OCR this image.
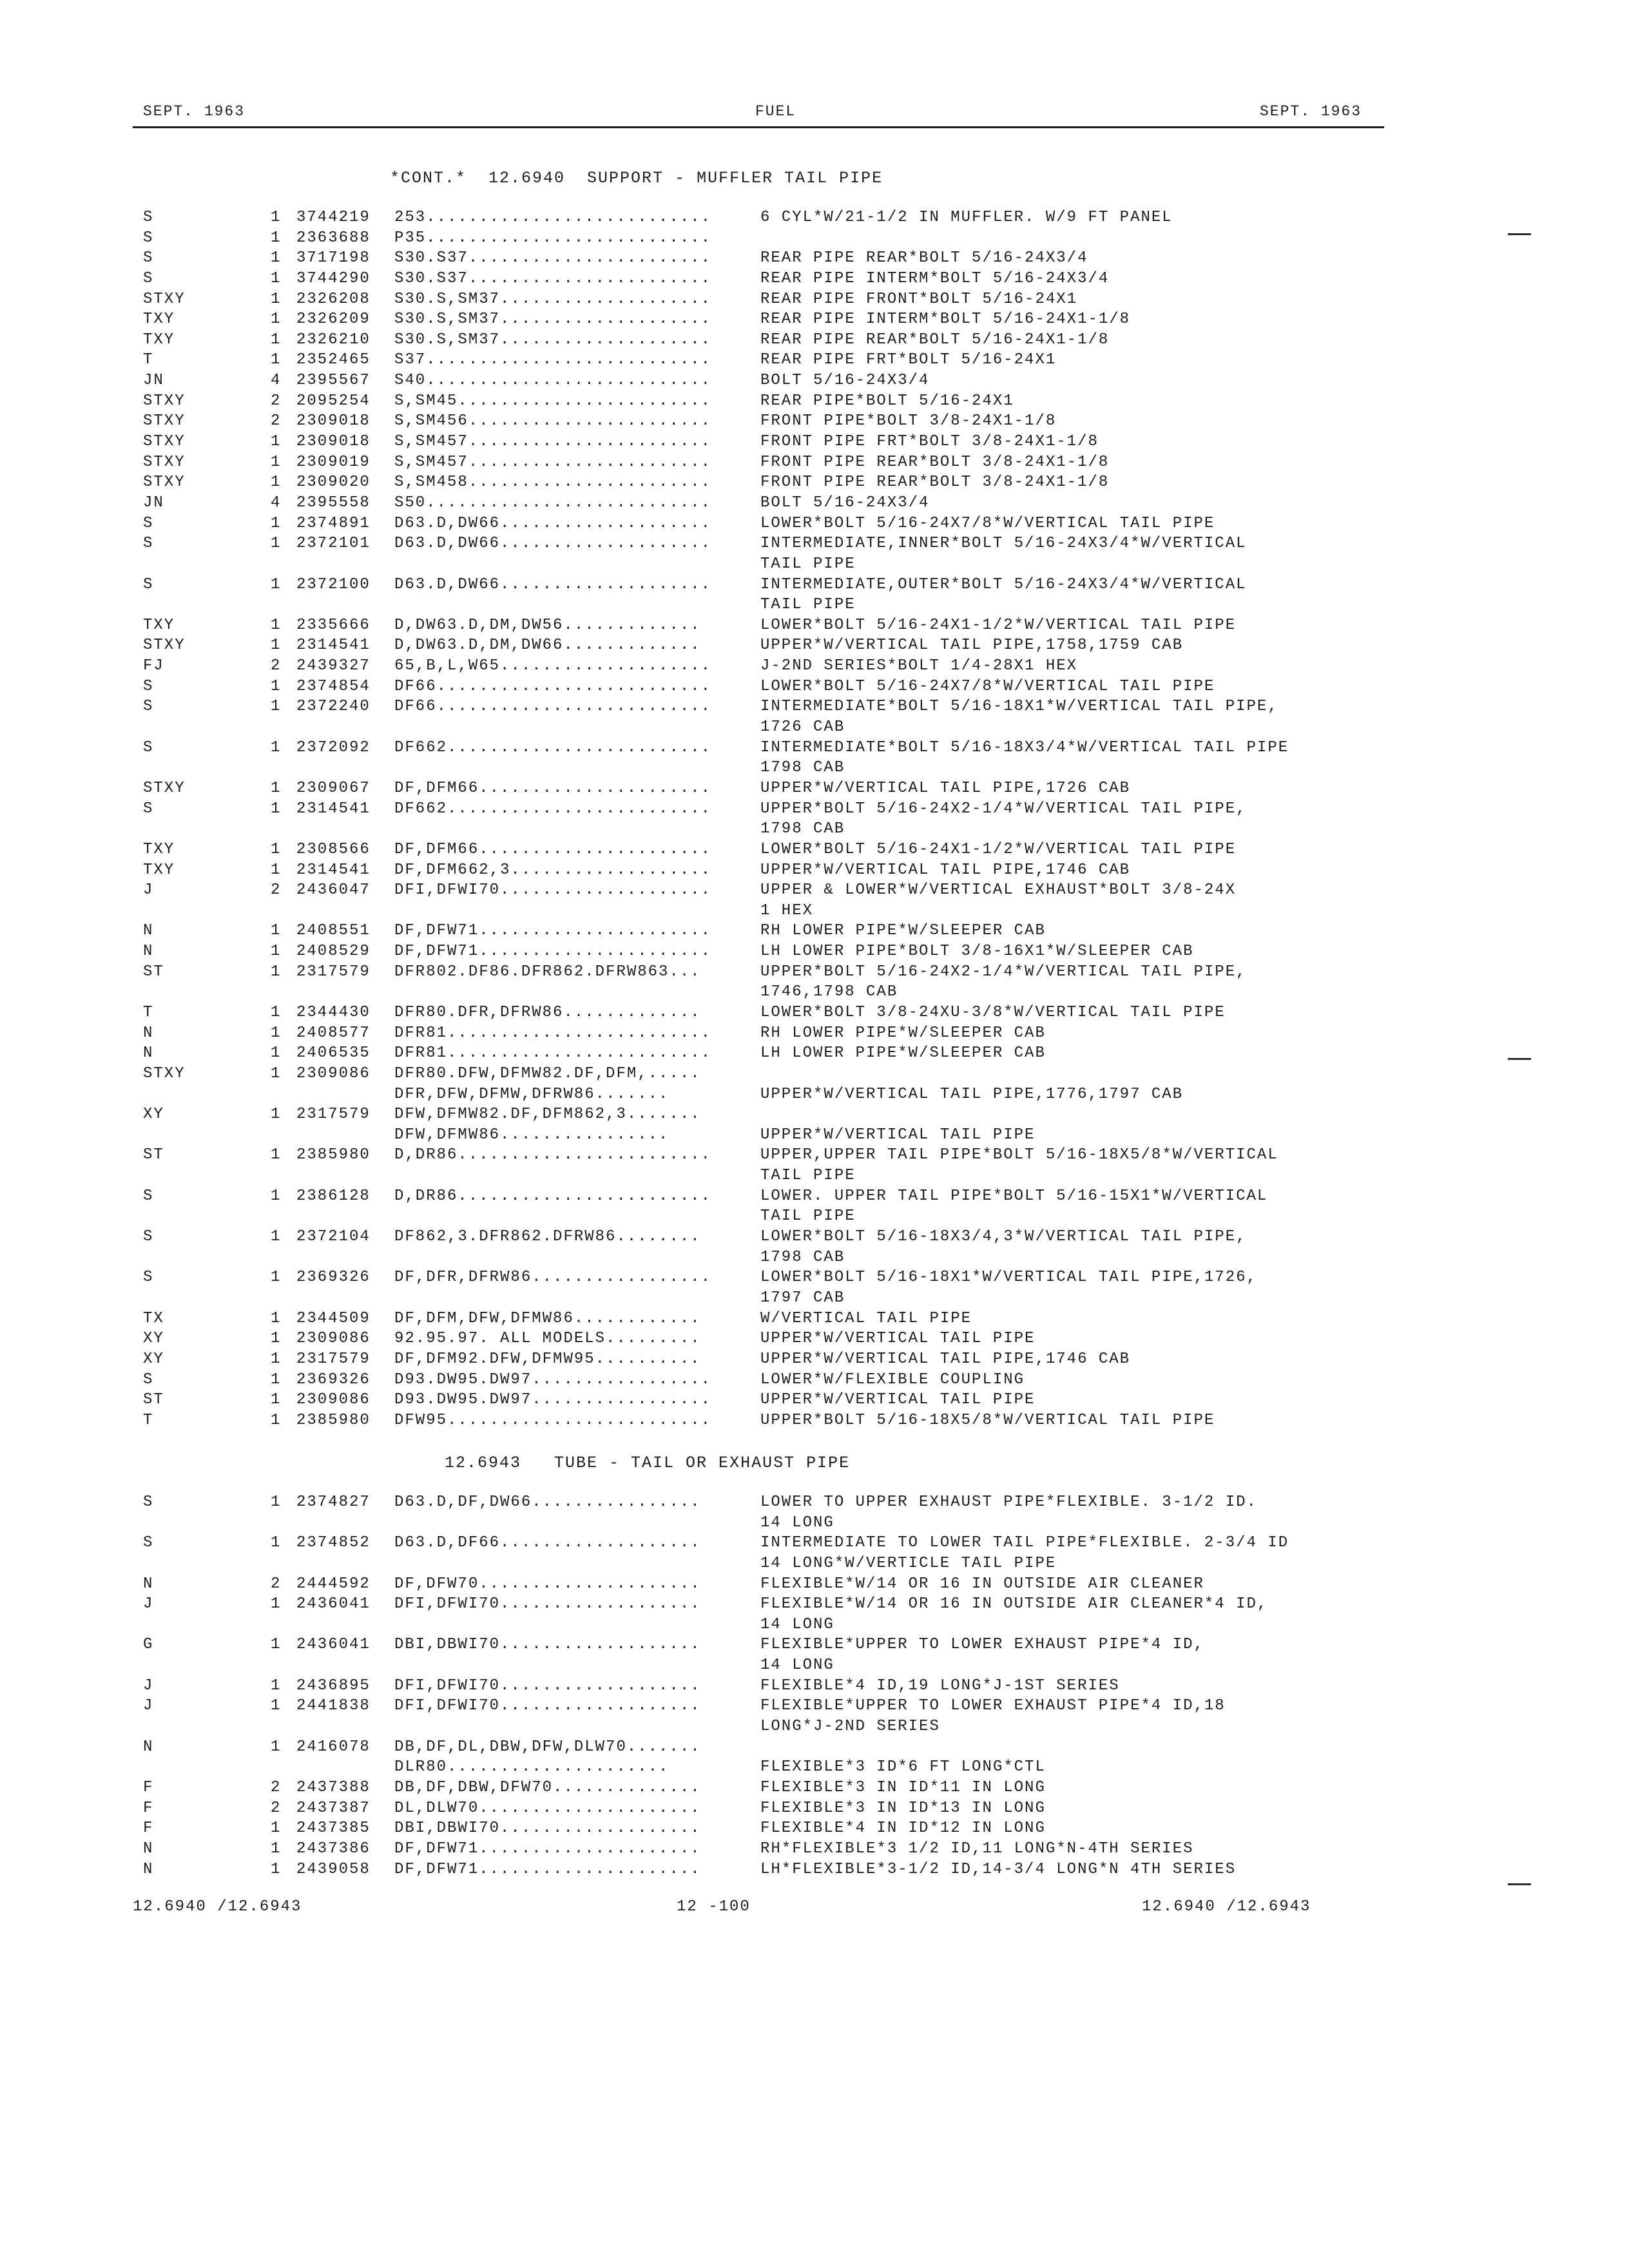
SEPT. 1963	FUEL	SEPT. 1963
*CONT.*  12.6940  SUPPORT - MUFFLER TAIL PIPE
S	1 3744219 253...........................	6 CYL*W/21-1/2 IN MUFFLER. W/9 FT PANEL
S	1 2363688 P35...........................
S	1 3717198 S30.S37.......................	REAR PIPE REAR*BOLT 5/16-24X3/4
S	1 3744290 S30.S37.......................	REAR PIPE INTERM*BOLT 5/16-24X3/4
STXY	1 2326208 S30.S,SM37....................	REAR PIPE FRONT*BOLT 5/16-24X1
TXY	1 2326209 S30.S,SM37....................	REAR PIPE INTERM*BOLT 5/16-24X1-1/8
TXY	1 2326210 S30.S,SM37....................	REAR PIPE REAR*BOLT 5/16-24X1-1/8
T	1 2352465 S37...........................	REAR PIPE FRT*BOLT 5/16-24X1
JN	4 2395567 S40...........................	BOLT 5/16-24X3/4
STXY	2 2095254 S,SM45........................	REAR PIPE*BOLT 5/16-24X1
STXY	2 2309018 S,SM456.......................	FRONT PIPE*BOLT 3/8-24X1-1/8
STXY	1 2309018 S,SM457.......................	FRONT PIPE FRT*BOLT 3/8-24X1-1/8
STXY	1 2309019 S,SM457.......................	FRONT PIPE REAR*BOLT 3/8-24X1-1/8
STXY	1 2309020 S,SM458.......................	FRONT PIPE REAR*BOLT 3/8-24X1-1/8
JN	4 2395558 S50...........................	BOLT 5/16-24X3/4
S	1 2374891 D63.D,DW66....................	LOWER*BOLT 5/16-24X7/8*W/VERTICAL TAIL PIPE
S	1 2372101 D63.D,DW66....................	INTERMEDIATE,INNER*BOLT 5/16-24X3/4*W/VERTICAL
TAIL PIPE
S	1 2372100 D63.D,DW66....................	INTERMEDIATE,OUTER*BOLT 5/16-24X3/4*W/VERTICAL
TAIL PIPE
TXY	1 2335666 D,DW63.D,DM,DW56.............	LOWER*BOLT 5/16-24X1-1/2*W/VERTICAL TAIL PIPE
STXY	1 2314541 D,DW63.D,DM,DW66.............	UPPER*W/VERTICAL TAIL PIPE,1758,1759 CAB
FJ	2 2439327 65,B,L,W65....................	J-2ND SERIES*BOLT 1/4-28X1 HEX
S	1 2374854 DF66..........................	LOWER*BOLT 5/16-24X7/8*W/VERTICAL TAIL PIPE
S	1 2372240 DF66..........................	INTERMEDIATE*BOLT 5/16-18X1*W/VERTICAL TAIL PIPE,
1726 CAB
S	1 2372092 DF662.........................	INTERMEDIATE*BOLT 5/16-18X3/4*W/VERTICAL TAIL PIPE
1798 CAB
STXY	1 2309067 DF,DFM66......................	UPPER*W/VERTICAL TAIL PIPE,1726 CAB
S	1 2314541 DF662.........................	UPPER*BOLT 5/16-24X2-1/4*W/VERTICAL TAIL PIPE,
1798 CAB
TXY	1 2308566 DF,DFM66......................	LOWER*BOLT 5/16-24X1-1/2*W/VERTICAL TAIL PIPE
TXY	1 2314541 DF,DFM662,3...................	UPPER*W/VERTICAL TAIL PIPE,1746 CAB
J	2 2436047 DFI,DFWI70....................	UPPER & LOWER*W/VERTICAL EXHAUST*BOLT 3/8-24X
1 HEX
N	1 2408551 DF,DFW71......................	RH LOWER PIPE*W/SLEEPER CAB
N	1 2408529 DF,DFW71......................	LH LOWER PIPE*BOLT 3/8-16X1*W/SLEEPER CAB
ST	1 2317579 DFR802.DF86.DFR862.DFRW863...	UPPER*BOLT 5/16-24X2-1/4*W/VERTICAL TAIL PIPE,
1746,1798 CAB
T	1 2344430 DFR80.DFR,DFRW86.............	LOWER*BOLT 3/8-24XU-3/8*W/VERTICAL TAIL PIPE
N	1 2408577 DFR81.........................	RH LOWER PIPE*W/SLEEPER CAB
N	1 2406535 DFR81.........................	LH LOWER PIPE*W/SLEEPER CAB
STXY	1 2309086 DFR80.DFW,DFMW82.DF,DFM,.....
DFR,DFW,DFMW,DFRW86.......	UPPER*W/VERTICAL TAIL PIPE,1776,1797 CAB
XY	1 2317579 DFW,DFMW82.DF,DFM862,3.......
DFW,DFMW86................	UPPER*W/VERTICAL TAIL PIPE
ST	1 2385980 D,DR86........................	UPPER,UPPER TAIL PIPE*BOLT 5/16-18X5/8*W/VERTICAL
TAIL PIPE
S	1 2386128 D,DR86........................	LOWER. UPPER TAIL PIPE*BOLT 5/16-15X1*W/VERTICAL
TAIL PIPE
S	1 2372104 DF862,3.DFR862.DFRW86........	LOWER*BOLT 5/16-18X3/4,3*W/VERTICAL TAIL PIPE,
1798 CAB
S	1 2369326 DF,DFR,DFRW86.................	LOWER*BOLT 5/16-18X1*W/VERTICAL TAIL PIPE,1726,
1797 CAB
TX	1 2344509 DF,DFM,DFW,DFMW86............	W/VERTICAL TAIL PIPE
XY	1 2309086 92.95.97. ALL MODELS.........	UPPER*W/VERTICAL TAIL PIPE
XY	1 2317579 DF,DFM92.DFW,DFMW95..........	UPPER*W/VERTICAL TAIL PIPE,1746 CAB
S	1 2369326 D93.DW95.DW97.................	LOWER*W/FLEXIBLE COUPLING
ST	1 2309086 D93.DW95.DW97.................	UPPER*W/VERTICAL TAIL PIPE
T	1 2385980 DFW95.........................	UPPER*BOLT 5/16-18X5/8*W/VERTICAL TAIL PIPE
12.6943   TUBE - TAIL OR EXHAUST PIPE
S	1 2374827 D63.D,DF,DW66................	LOWER TO UPPER EXHAUST PIPE*FLEXIBLE. 3-1/2 ID.
14 LONG
S	1 2374852 D63.D,DF66...................	INTERMEDIATE TO LOWER TAIL PIPE*FLEXIBLE. 2-3/4 ID
14 LONG*W/VERTICLE TAIL PIPE
N	2 2444592 DF,DFW70.....................	FLEXIBLE*W/14 OR 16 IN OUTSIDE AIR CLEANER
J	1 2436041 DFI,DFWI70...................	FLEXIBLE*W/14 OR 16 IN OUTSIDE AIR CLEANER*4 ID,
14 LONG
G	1 2436041 DBI,DBWI70...................	FLEXIBLE*UPPER TO LOWER EXHAUST PIPE*4 ID,
14 LONG
J	1 2436895 DFI,DFWI70...................	FLEXIBLE*4 ID,19 LONG*J-1ST SERIES
J	1 2441838 DFI,DFWI70...................	FLEXIBLE*UPPER TO LOWER EXHAUST PIPE*4 ID,18
LONG*J-2ND SERIES
N	1 2416078 DB,DF,DL,DBW,DFW,DLW70.......
DLR80.....................	FLEXIBLE*3 ID*6 FT LONG*CTL
F	2 2437388 DB,DF,DBW,DFW70..............	FLEXIBLE*3 IN ID*11 IN LONG
F	2 2437387 DL,DLW70.....................	FLEXIBLE*3 IN ID*13 IN LONG
F	1 2437385 DBI,DBWI70...................	FLEXIBLE*4 IN ID*12 IN LONG
N	1 2437386 DF,DFW71.....................	RH*FLEXIBLE*3 1/2 ID,11 LONG*N-4TH SERIES
N	1 2439058 DF,DFW71.....................	LH*FLEXIBLE*3-1/2 ID,14-3/4 LONG*N 4TH SERIES
12.6940 /12.6943	12 -100	12.6940 /12.6943
